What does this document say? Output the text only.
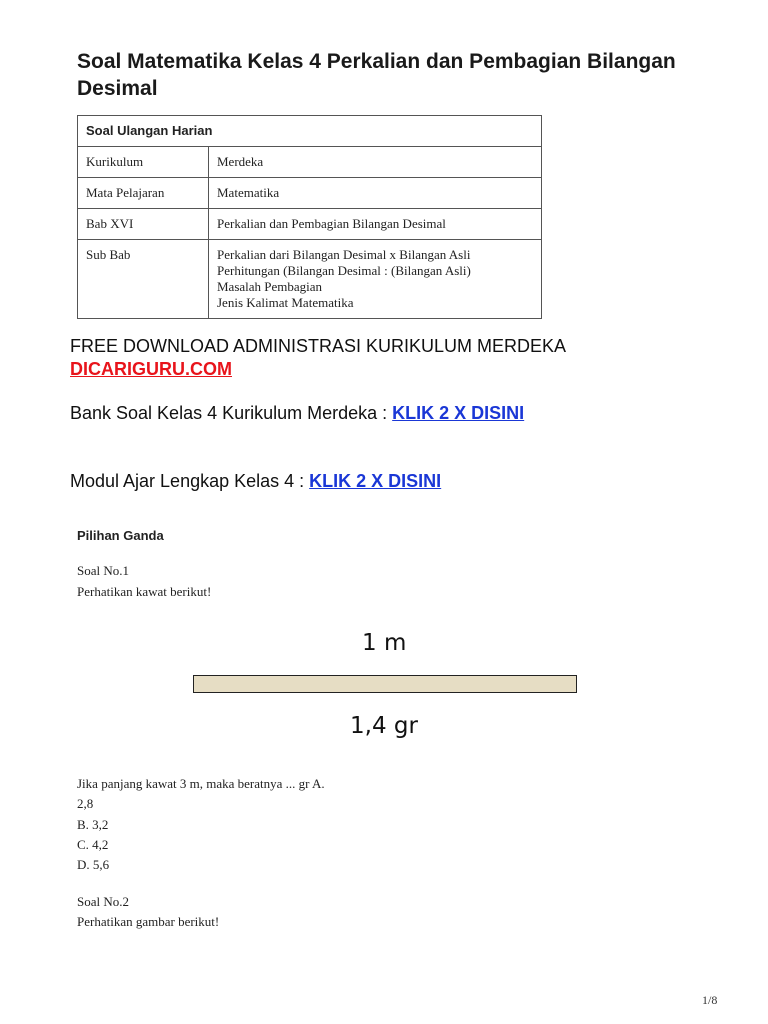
Soal Matematika Kelas 4 Perkalian dan Pembagian Bilangan Desimal
Soal Ulangan Harian	
Kurikulum	Merdeka
Mata Pelajaran	Matematika
Bab XVI	Perkalian dan Pembagian Bilangan Desimal
Sub Bab	Perkalian dari Bilangan Desimal x Bilangan Asli
Perhitungan (Bilangan Desimal : (Bilangan Asli)
Masalah Pembagian
Jenis Kalimat Matematika
FREE DOWNLOAD ADMINISTRASI KURIKULUM MERDEKA
DICARIGURU.COM
Bank Soal Kelas 4 Kurikulum Merdeka : KLIK 2 X DISINI
Modul Ajar Lengkap Kelas 4 : KLIK 2 X DISINI
Pilihan Ganda
Soal No.1
Perhatikan kawat berikut!
1 m
1,4 gr
Jika panjang kawat 3 m, maka beratnya ... gr A.
2,8
B. 3,2
C. 4,2
D. 5,6
Soal No.2
Perhatikan gambar berikut!
1/8
